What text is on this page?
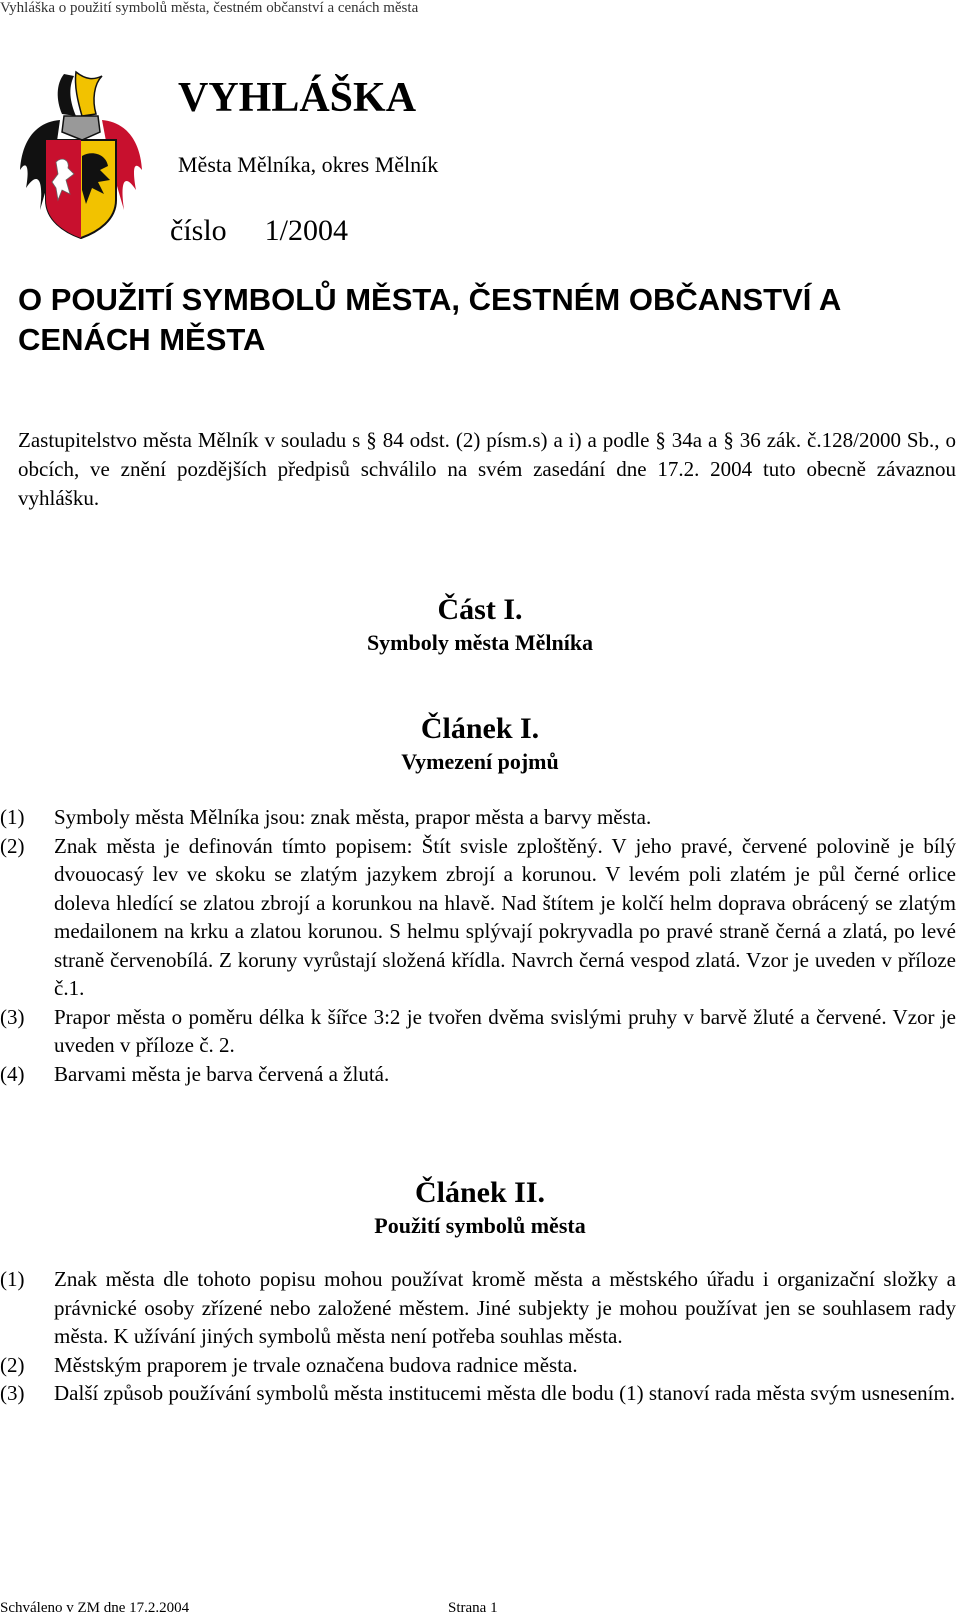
Vyhláška o použití symbolů města, čestném občanství a cenách města
VYHLÁŠKA
Města Mělníka, okres Mělník
číslo 1/2004
O POUŽITÍ SYMBOLŮ MĚSTA, ČESTNÉM OBČANSTVÍ A CENÁCH MĚSTA
Zastupitelstvo města Mělník v souladu s § 84 odst. (2) písm.s) a i) a podle § 34a a § 36 zák. č.128/2000 Sb., o obcích, ve znění pozdějších předpisů schválilo na svém zasedání dne 17.2. 2004 tuto obecně závaznou vyhlášku.
Část I.
Symboly města Mělníka
Článek I.
Vymezení pojmů
(1)	Symboly města Mělníka jsou: znak města, prapor města a barvy města.
(2)	Znak města je definován tímto popisem: Štít svisle zploštěný. V jeho pravé, červené polovině je bílý dvouocasý lev ve skoku se zlatým jazykem zbrojí a korunou. V levém poli zlatém je půl černé orlice doleva hledící se zlatou zbrojí a korunkou na hlavě. Nad štítem je kolčí helm doprava obrácený se zlatým medailonem na krku a zlatou korunou. S helmu splývají pokryvadla po pravé straně černá a zlatá, po levé straně červenobílá. Z koruny vyrůstají složená křídla. Navrch černá vespod zlatá. Vzor je uveden v příloze č.1.
(3)	Prapor města o poměru délka k šířce 3:2 je tvořen dvěma svislými pruhy v barvě žluté a červené. Vzor je uveden v příloze č. 2.
(4)	Barvami města je barva červená a žlutá.
Článek II.
Použití symbolů města
(1)	Znak města dle tohoto popisu mohou používat kromě města a městského úřadu i organizační složky a právnické osoby zřízené nebo založené městem. Jiné subjekty je mohou používat jen se souhlasem rady města. K užívání jiných symbolů města není potřeba souhlas města.
(2)	Městským praporem je trvale označena budova radnice města.
(3)	Další způsob používání symbolů města institucemi města dle bodu (1) stanoví rada města svým usnesením.
Schváleno v ZM dne 17.2.2004	Strana 1
